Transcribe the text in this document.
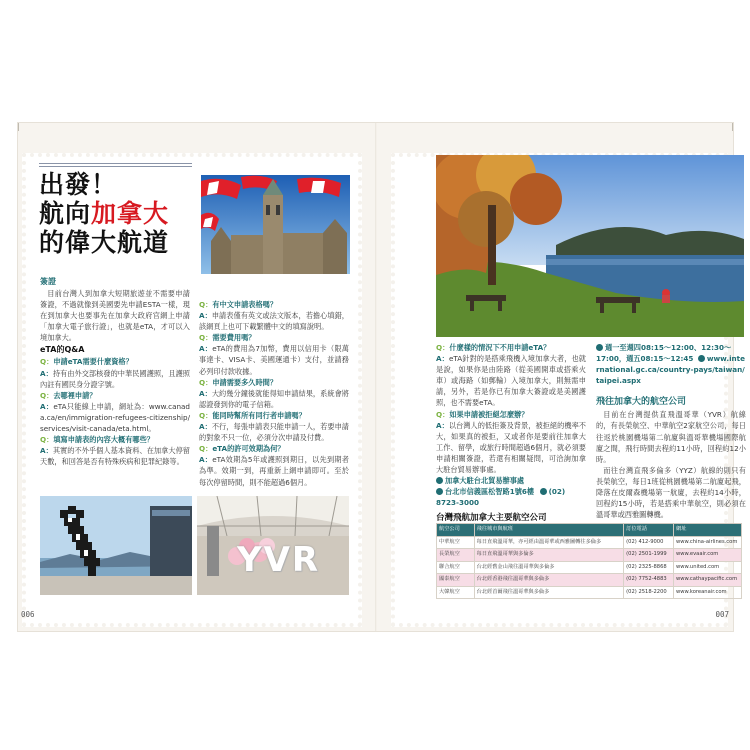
出發！
航向加拿大
的偉大航道
簽證
目前台灣人到加拿大短期旅遊並不需要申請簽證，不過就像到美國要先申請ESTA一樣，現在到加拿大也要事先在加拿大政府官網上申請「加拿大電子旅行證」，也就是eTA，才可以入境加拿大。
eTA的Q&A
Q：申請eTA需要什麼資格？
A：持有由外交部核發的中華民國護照，且護照內註有國民身分證字號。
Q：去哪裡申請？
A：eTA只能線上申請，網址為：www.canada.ca/en/immigration-refugees-citizenship/services/visit-canada/eta.html。
Q：填寫申請表的內容大概有哪些？
A：其實的不外乎個人基本資料、在加拿大停留天數，和回答是否有特殊疾病和犯罪紀錄等。
Q：有中文申請表格嗎？
A：申請表僅有英文或法文版本，若擔心填錯，該網頁上也可下載繁體中文的填寫說明。
Q：需要費用嗎？
A：eTA的費用為7加幣，費用以信用卡（限萬事達卡、VISA卡、美國運通卡）支付，並請務必列印付款收據。
Q：申請需要多久時間？
A：大約幾分鐘後就能得知申請結果，系統會將認證發到你的電子信箱。
Q：能同時幫所有同行者申請嗎？
A：不行，每張申請表只能申請一人，若要申請的對象不只一位，必須分次申請及付費。
Q：eTA的許可效期為何？
A：eTA效期為5年或護照到期日，以先到期者為準。效期一到，再重新上網申請即可。至於每次停留時間，則不能超過6個月。
YVR
006
Q：什麼樣的情況下不用申請eTA？
A：eTA針對的是搭乘飛機入境加拿大者，也就是說，如果你是由陸路（從美國開車或搭乘火車）或海路（如郵輪）入境加拿大，則無需申請，另外，若是你已有加拿大簽證或是美國護照，也不需要eTA。
Q：如果申請被拒絕怎麼辦？
A：以台灣人的低拒簽及背景，被拒絕的機率不大，如果真的被拒，又或者你是要前往加拿大工作、留學，或旅行時間超過6個月，就必須要申請相關簽證，若還有相關疑問，可洽詢加拿大駐台貿易辦事處。
加拿大駐台北貿易辦事處
台北市信義區松智路1號6樓 (02) 8723-3000
週一至週四08:15～12:00、12:30～17:00，週五08:15～12:45 www.international.gc.ca/country-pays/taiwan/taipei.aspx
飛往加拿大的航空公司
目前在台灣提供直飛溫哥華（YVR）航線的，有長榮航空、中華航空2家航空公司，每日往返於桃園機場第二航廈與溫哥華機場國際航廈之間，飛行時間去程約11小時，回程約12小時。
而往台灣直飛多倫多（YYZ）航線的則只有長榮航空，每日1班從桃園機場第二航廈起飛，降落在皮爾森機場第一航廈，去程約14小時，回程約15小時，若是搭乘中華航空，則必須在溫哥華或西雅圖轉機。
台灣飛航加拿大主要航空公司
航空公司	飛往城市與航班	訂位電話	網址
中華航空	每日直飛溫哥華，亦可經由溫哥華或西雅圖轉往多倫多	(02) 412-9000	www.china-airlines.com
長榮航空	每日直飛溫哥華與多倫多	(02) 2501-1999	www.evaair.com
聯合航空	台北經舊金山飛往溫哥華與多倫多	(02) 2325-8868	www.united.com
國泰航空	台北經香港飛往溫哥華與多倫多	(02) 7752-4883	www.cathaypacific.com
大韓航空	台北經首爾飛往溫哥華與多倫多	(02) 2518-2200	www.koreanair.com
007
